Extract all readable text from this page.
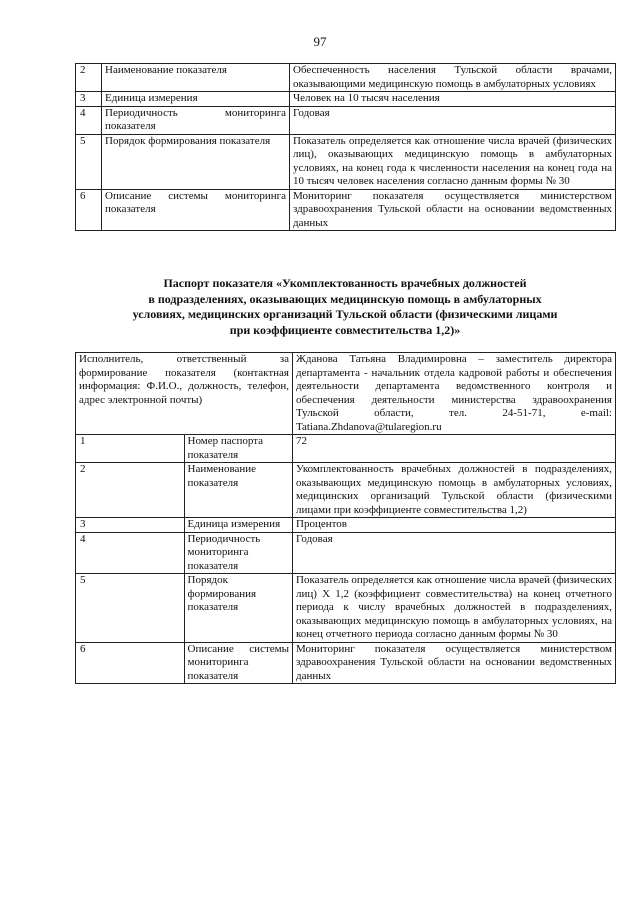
97
2	Наименование показателя	Обеспеченность населения Тульской области врачами, оказывающими медицинскую помощь в амбулаторных условиях
3	Единица измерения	Человек на 10 тысяч населения
4	Периодичность мониторинга показателя	Годовая
5	Порядок формирования показателя	Показатель определяется как отношение числа врачей (физических лиц), оказывающих медицинскую помощь в амбулаторных условиях, на конец года к численности населения на конец года на 10 тысяч человек населения согласно данным формы № 30
6	Описание системы мониторинга показателя	Мониторинг показателя осуществляется министерством здравоохранения Тульской области на основании ведомственных данных
Паспорт показателя «Укомплектованность врачебных должностей
в подразделениях, оказывающих медицинскую помощь в амбулаторных
условиях, медицинских организаций Тульской области (физическими лицами
при коэффициенте совместительства 1,2)»
Исполнитель, ответственный за формирование показателя (контактная информация: Ф.И.О., должность, телефон, адрес электронной почты)		Жданова Татьяна Владимировна – заместитель директора департамента - начальник отдела кадровой работы и обеспечения деятельности департамента ведомственного контроля и обеспечения деятельности министерства здравоохранения Тульской области, тел. 24-51-71, e-mail: Tatiana.Zhdanova@tularegion.ru
1	Номер паспорта показателя	72
2	Наименование показателя	Укомплектованность врачебных должностей в подразделениях, оказывающих медицинскую помощь в амбулаторных условиях, медицинских организаций Тульской области (физическими лицами при коэффициенте совместительства 1,2)
3	Единица измерения	Процентов
4	Периодичность мониторинга показателя	Годовая
5	Порядок формирования показателя	Показатель определяется как отношение числа врачей (физических лиц) Х 1,2 (коэффициент совместительства) на конец отчетного периода к числу врачебных должностей в подразделениях, оказывающих медицинскую помощь в амбулаторных условиях, на конец отчетного периода согласно данным формы № 30
6	Описание системы мониторинга показателя	Мониторинг показателя осуществляется министерством здравоохранения Тульской области на основании ведомственных данных
